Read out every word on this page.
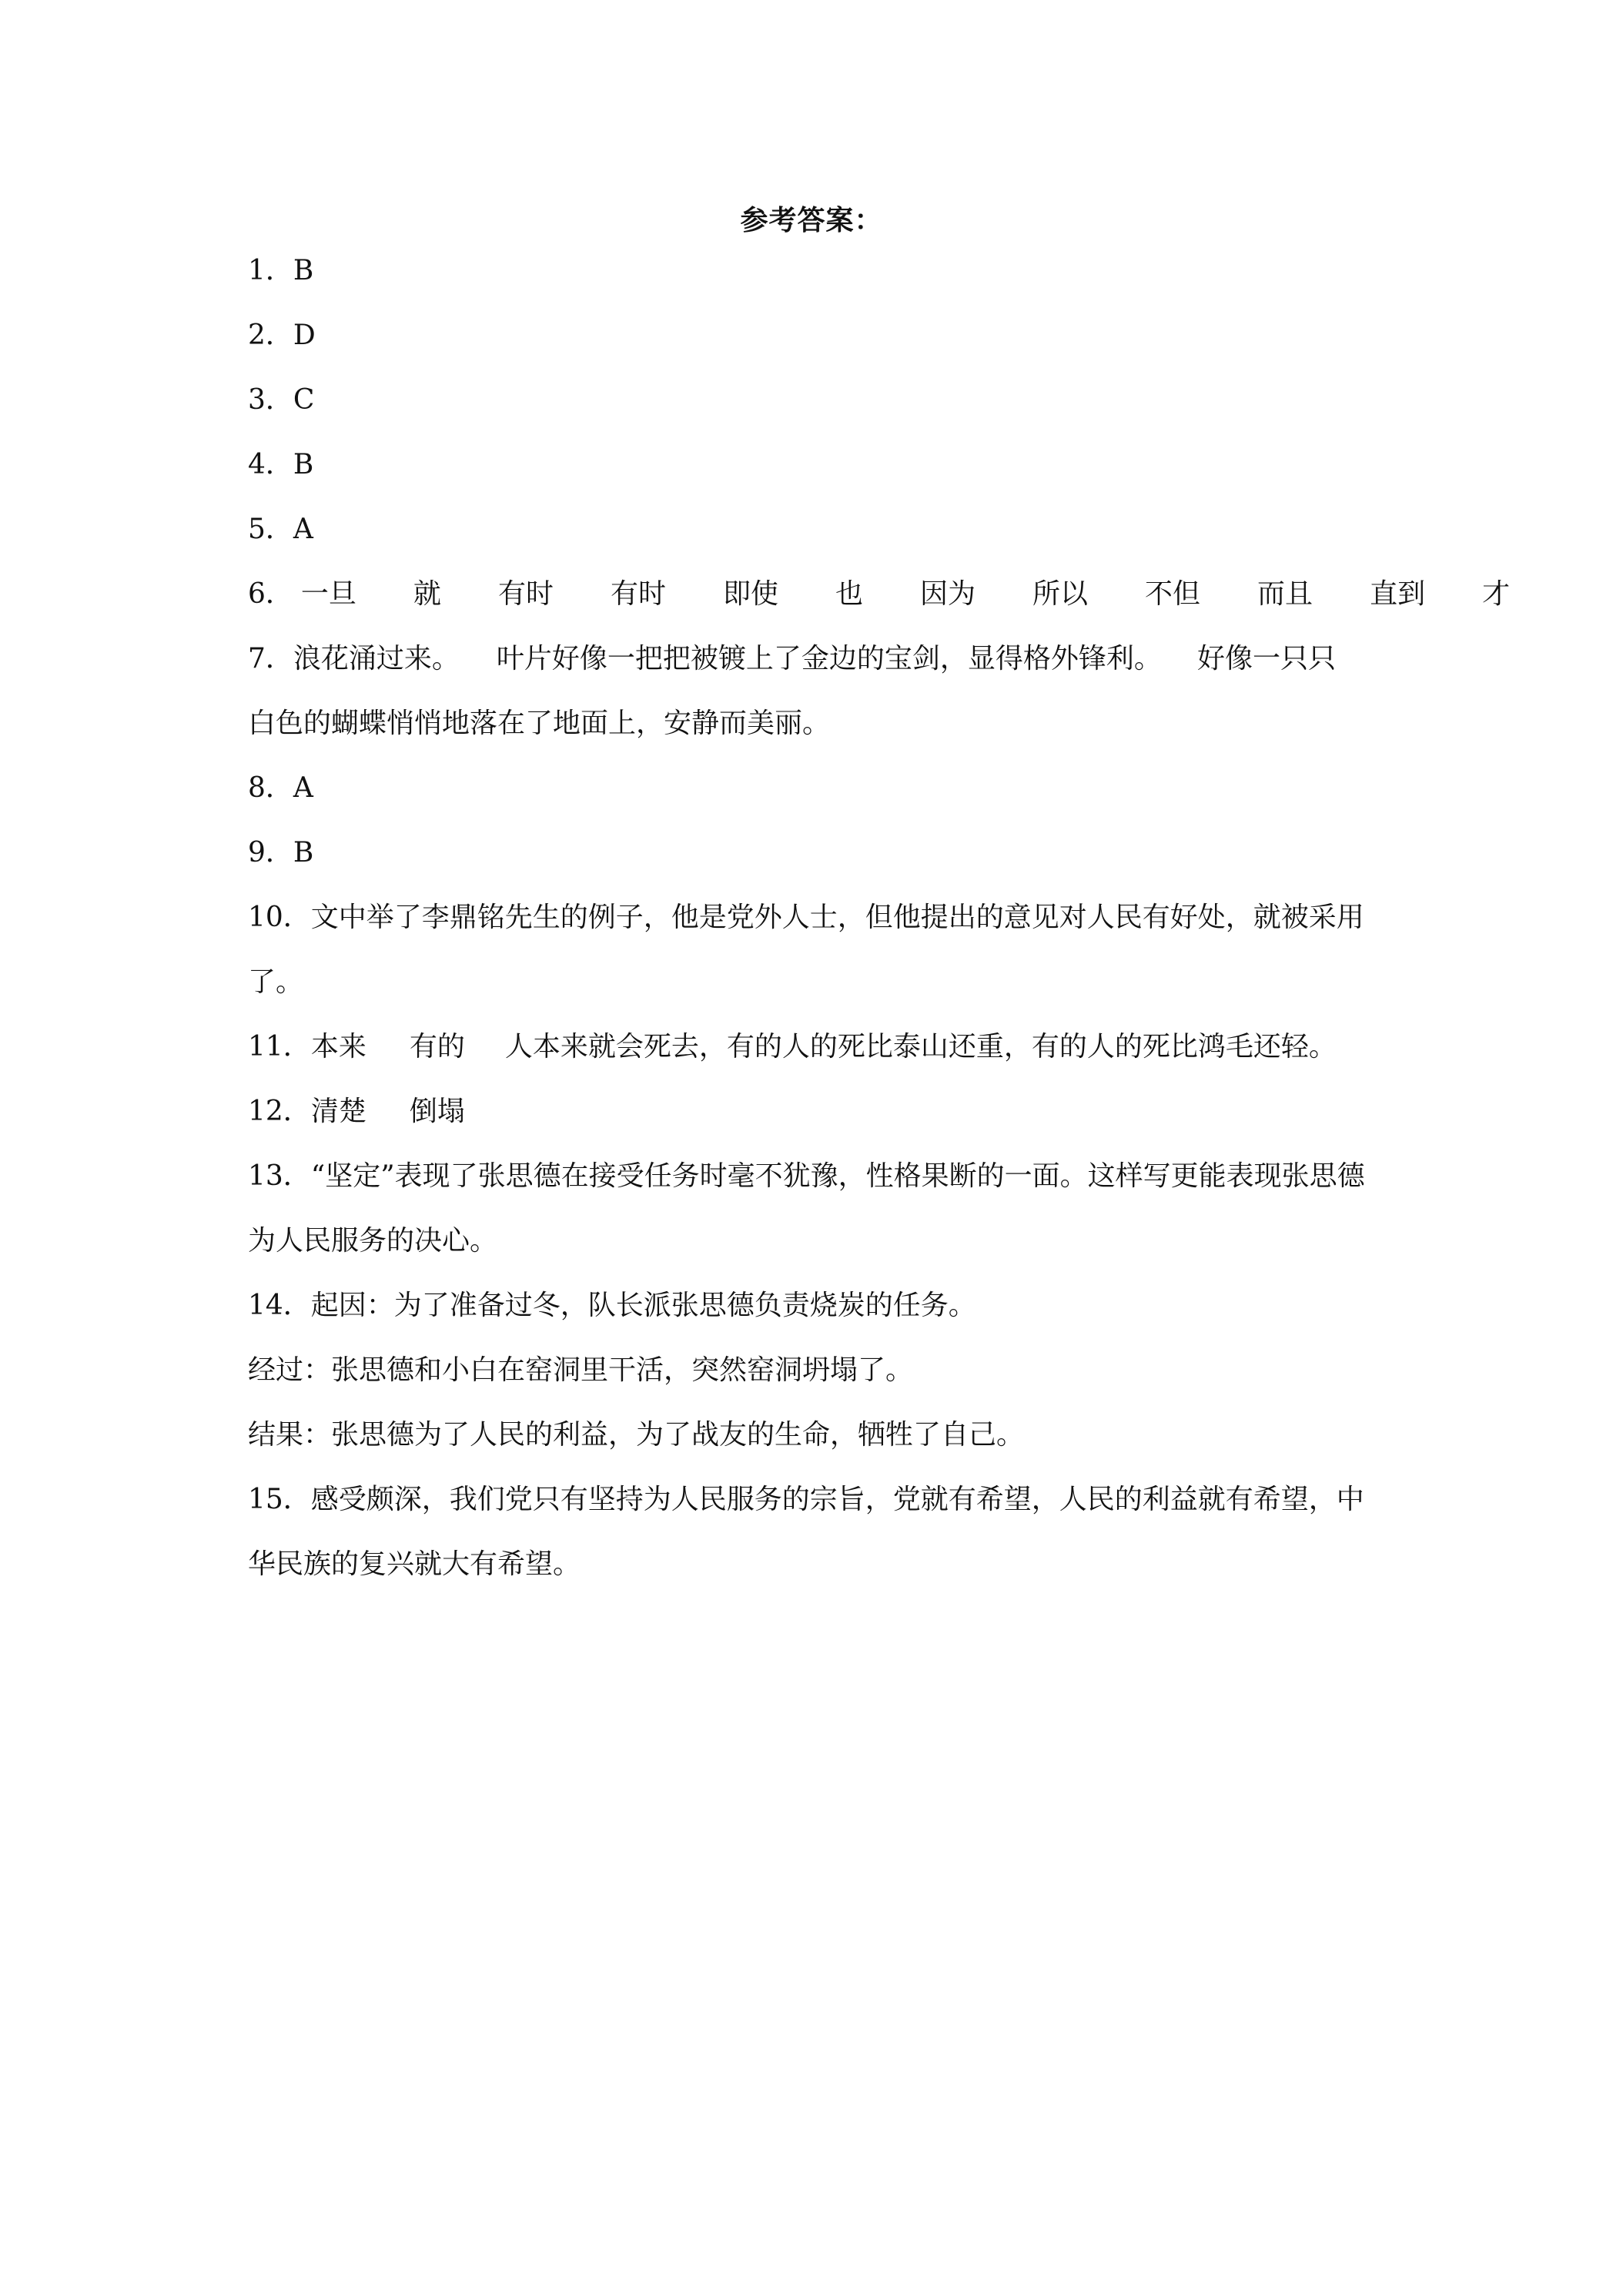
参考答案：
1．B
2．D
3．C
4．B
5．A
6． 一旦 就 有时 有时 即使 也 因为 所以 不但 而且 直到 才
7．浪花涌过来。 叶片好像一把把被镀上了金边的宝剑，显得格外锋利。 好像一只只
白色的蝴蝶悄悄地落在了地面上，安静而美丽。
8．A
9．B
10．文中举了李鼎铭先生的例子，他是党外人士，但他提出的意见对人民有好处，就被采用
了。
11．本来 有的 人本来就会死去，有的人的死比泰山还重，有的人的死比鸿毛还轻。
12．清楚 倒塌
13．“坚定”表现了张思德在接受任务时毫不犹豫，性格果断的一面。这样写更能表现张思德
为人民服务的决心。
14．起因：为了准备过冬，队长派张思德负责烧炭的任务。
经过：张思德和小白在窑洞里干活，突然窑洞坍塌了。
结果：张思德为了人民的利益，为了战友的生命，牺牲了自己。
15．感受颇深，我们党只有坚持为人民服务的宗旨，党就有希望，人民的利益就有希望，中
华民族的复兴就大有希望。
